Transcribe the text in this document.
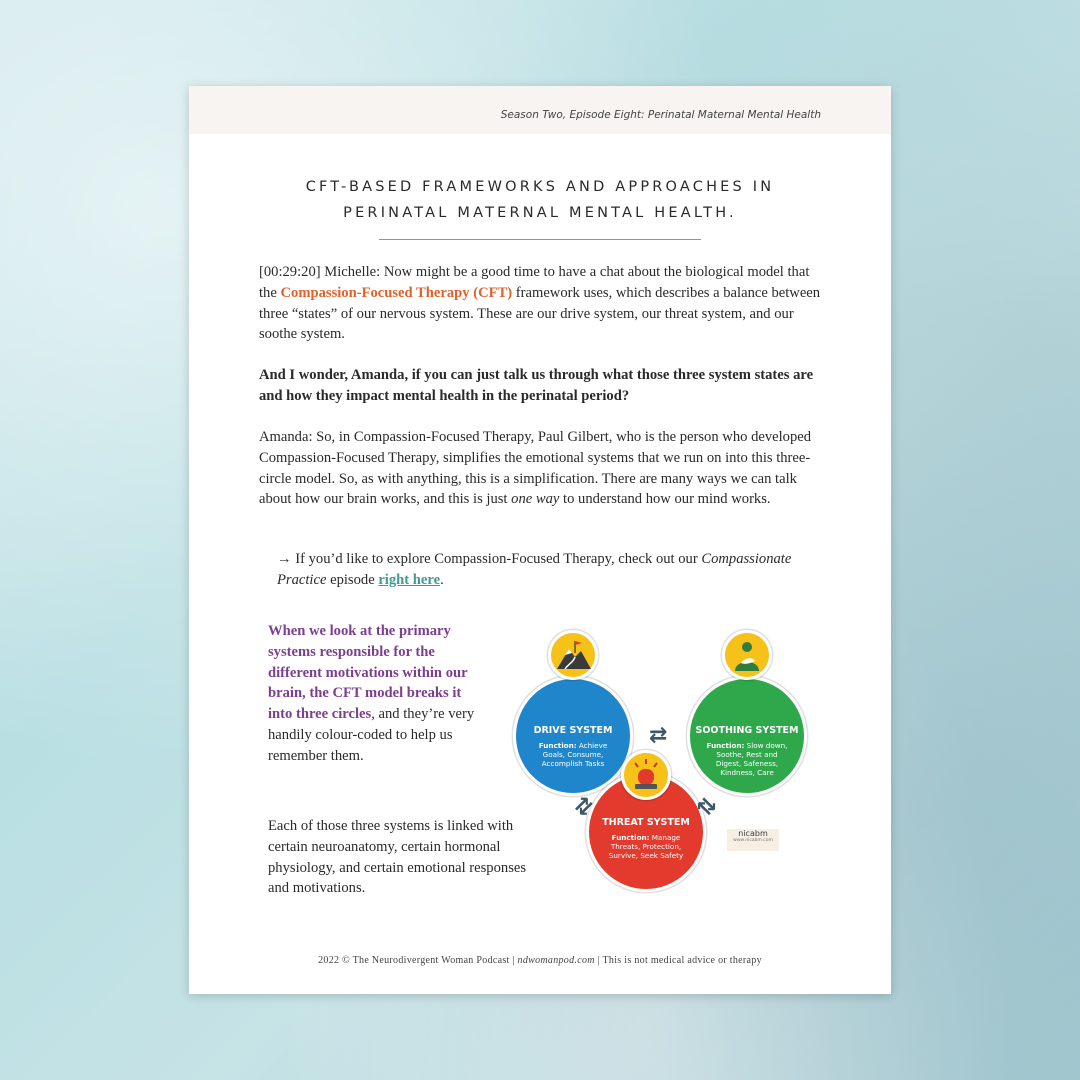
Season Two, Episode Eight: Perinatal Maternal Mental Health
CFT-BASED FRAMEWORKS AND APPROACHES IN
PERINATAL MATERNAL MENTAL HEALTH.
[00:29:20] Michelle: Now might be a good time to have a chat about the biological model that the Compassion-Focused Therapy (CFT) framework uses, which describes a balance between three “states” of our nervous system. These are our drive system, our threat system, and our soothe system.
And I wonder, Amanda, if you can just talk us through what those three system states are and how they impact mental health in the perinatal period?
Amanda: So, in Compassion-Focused Therapy, Paul Gilbert, who is the person who developed Compassion-Focused Therapy, simplifies the emotional systems that we run on into this three-circle model. So, as with anything, this is a simplification. There are many ways we can talk about how our brain works, and this is just one way to understand how our mind works.
→ If you’d like to explore Compassion-Focused Therapy, check out our Compassionate Practice episode right here.
When we look at the primary systems responsible for the different motivations within our brain, the CFT model breaks it into three circles, and they’re very handily colour-coded to help us remember them.
Each of those three systems is linked with certain neuroanatomy, certain hormonal physiology, and certain emotional responses and motivations.
DRIVE SYSTEM
Function: Achieve Goals, Consume, Accomplish Tasks
SOOTHING SYSTEM
Function: Slow down, Soothe, Rest and Digest, Safeness, Kindness, Care
THREAT SYSTEM
Function: Manage Threats, Protection, Survive, Seek Safety
⇄
⇄	⇄
nicabm
www.nicabm.com
2022 © The Neurodivergent Woman Podcast | ndwomanpod.com | This is not medical advice or therapy
